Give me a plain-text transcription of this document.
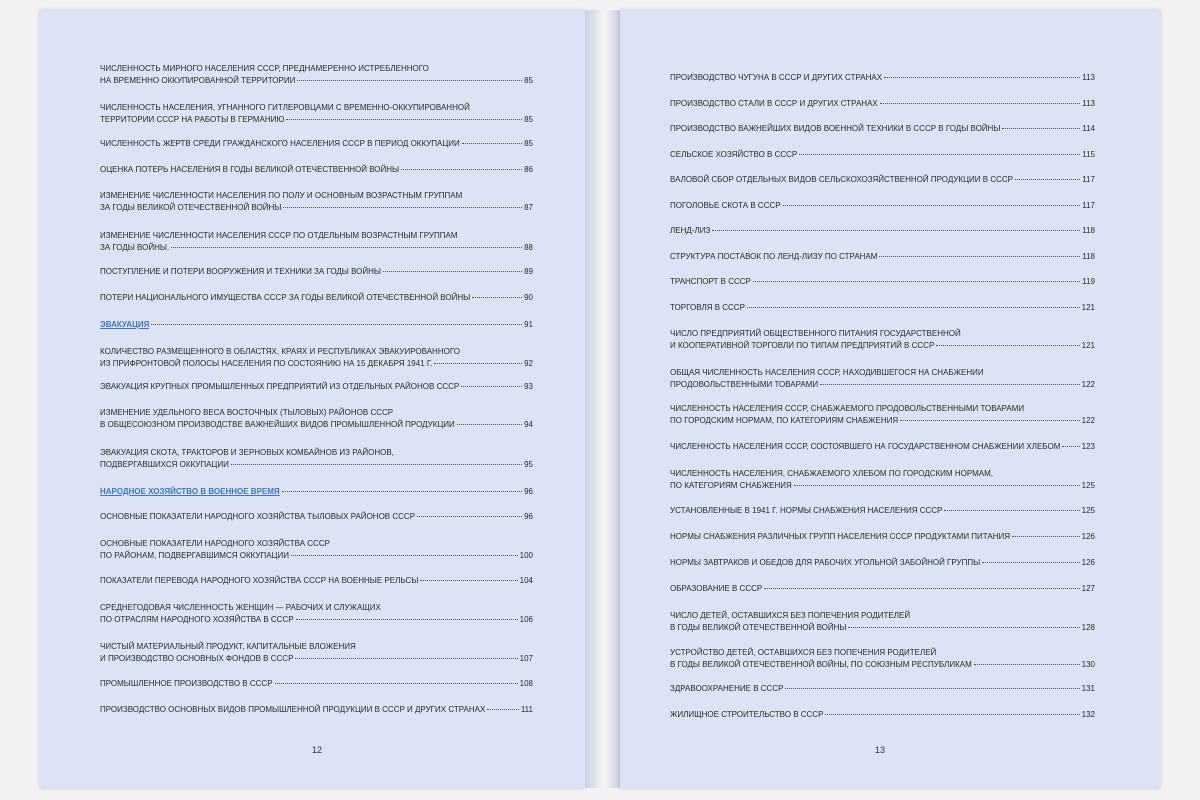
12
ЧИСЛЕННОСТЬ МИРНОГО НАСЕЛЕНИЯ СССР, ПРЕДНАМЕРЕННО ИСТРЕБЛЕННОГО
НА ВРЕМЕННО ОККУПИРОВАННОЙ ТЕРРИТОРИИ	85
ЧИСЛЕННОСТЬ НАСЕЛЕНИЯ, УГНАННОГО ГИТЛЕРОВЦАМИ С ВРЕМЕННО-ОККУПИРОВАННОЙ
ТЕРРИТОРИИ СССР НА РАБОТЫ В ГЕРМАНИЮ	85
ЧИСЛЕННОСТЬ ЖЕРТВ СРЕДИ ГРАЖДАНСКОГО НАСЕЛЕНИЯ СССР В ПЕРИОД ОККУПАЦИИ	85
ОЦЕНКА ПОТЕРЬ НАСЕЛЕНИЯ В ГОДЫ ВЕЛИКОЙ ОТЕЧЕСТВЕННОЙ ВОЙНЫ	86
ИЗМЕНЕНИЕ ЧИСЛЕННОСТИ НАСЕЛЕНИЯ ПО ПОЛУ И ОСНОВНЫМ ВОЗРАСТНЫМ ГРУППАМ
ЗА ГОДЫ ВЕЛИКОЙ ОТЕЧЕСТВЕННОЙ ВОЙНЫ	87
ИЗМЕНЕНИЕ ЧИСЛЕННОСТИ НАСЕЛЕНИЯ СССР ПО ОТДЕЛЬНЫМ ВОЗРАСТНЫМ ГРУППАМ
ЗА ГОДЫ ВОЙНЫ.	88
ПОСТУПЛЕНИЕ И ПОТЕРИ ВООРУЖЕНИЯ И ТЕХНИКИ ЗА ГОДЫ ВОЙНЫ	89
ПОТЕРИ НАЦИОНАЛЬНОГО ИМУЩЕСТВА СССР ЗА ГОДЫ ВЕЛИКОЙ ОТЕЧЕСТВЕННОЙ ВОЙНЫ	90
ЭВАКУАЦИЯ	91
КОЛИЧЕСТВО РАЗМЕЩЕННОГО В ОБЛАСТЯХ, КРАЯХ И РЕСПУБЛИКАХ ЭВАКУИРОВАННОГО
ИЗ ПРИФРОНТОВОЙ ПОЛОСЫ НАСЕЛЕНИЯ ПО СОСТОЯНИЮ НА 15 ДЕКАБРЯ 1941 Г.	92
ЭВАКУАЦИЯ КРУПНЫХ ПРОМЫШЛЕННЫХ ПРЕДПРИЯТИЙ ИЗ ОТДЕЛЬНЫХ РАЙОНОВ СССР	93
ИЗМЕНЕНИЕ УДЕЛЬНОГО ВЕСА ВОСТОЧНЫХ (ТЫЛОВЫХ) РАЙОНОВ СССР
В ОБЩЕСОЮЗНОМ ПРОИЗВОДСТВЕ ВАЖНЕЙШИХ ВИДОВ ПРОМЫШЛЕННОЙ ПРОДУКЦИИ	94
ЭВАКУАЦИЯ СКОТА, ТРАКТОРОВ И ЗЕРНОВЫХ КОМБАЙНОВ ИЗ РАЙОНОВ,
ПОДВЕРГАВШИХСЯ ОККУПАЦИИ	95
НАРОДНОЕ ХОЗЯЙСТВО В ВОЕННОЕ ВРЕМЯ	96
ОСНОВНЫЕ ПОКАЗАТЕЛИ НАРОДНОГО ХОЗЯЙСТВА ТЫЛОВЫХ РАЙОНОВ СССР	96
ОСНОВНЫЕ ПОКАЗАТЕЛИ НАРОДНОГО ХОЗЯЙСТВА СССР
ПО РАЙОНАМ, ПОДВЕРГАВШИМСЯ ОККУПАЦИИ	100
ПОКАЗАТЕЛИ ПЕРЕВОДА НАРОДНОГО ХОЗЯЙСТВА СССР НА ВОЕННЫЕ РЕЛЬСЫ	104
СРЕДНЕГОДОВАЯ ЧИСЛЕННОСТЬ ЖЕНЩИН — РАБОЧИХ И СЛУЖАЩИХ
ПО ОТРАСЛЯМ НАРОДНОГО ХОЗЯЙСТВА В СССР	106
ЧИСТЫЙ МАТЕРИАЛЬНЫЙ ПРОДУКТ, КАПИТАЛЬНЫЕ ВЛОЖЕНИЯ
И ПРОИЗВОДСТВО ОСНОВНЫХ ФОНДОВ В СССР	107
ПРОМЫШЛЕННОЕ ПРОИЗВОДСТВО В СССР	108
ПРОИЗВОДСТВО ОСНОВНЫХ ВИДОВ ПРОМЫШЛЕННОЙ ПРОДУКЦИИ В СССР И ДРУГИХ СТРАНАХ	111
13
ПРОИЗВОДСТВО ЧУГУНА В СССР И ДРУГИХ СТРАНАХ	113
ПРОИЗВОДСТВО СТАЛИ В СССР И ДРУГИХ СТРАНАХ	113
ПРОИЗВОДСТВО ВАЖНЕЙШИХ ВИДОВ ВОЕННОЙ ТЕХНИКИ В СССР В ГОДЫ ВОЙНЫ	114
СЕЛЬСКОЕ ХОЗЯЙСТВО В СССР	115
ВАЛОВОЙ СБОР ОТДЕЛЬНЫХ ВИДОВ СЕЛЬСКОХОЗЯЙСТВЕННОЙ ПРОДУКЦИИ В СССР	117
ПОГОЛОВЬЕ СКОТА В СССР	117
ЛЕНД-ЛИЗ	118
СТРУКТУРА ПОСТАВОК ПО ЛЕНД-ЛИЗУ ПО СТРАНАМ	118
ТРАНСПОРТ В СССР	119
ТОРГОВЛЯ В СССР	121
ЧИСЛО ПРЕДПРИЯТИЙ ОБЩЕСТВЕННОГО ПИТАНИЯ ГОСУДАРСТВЕННОЙ
И КООПЕРАТИВНОЙ ТОРГОВЛИ ПО ТИПАМ ПРЕДПРИЯТИЙ В СССР	121
ОБЩАЯ ЧИСЛЕННОСТЬ НАСЕЛЕНИЯ СССР, НАХОДИВШЕГОСЯ НА СНАБЖЕНИИ
ПРОДОВОЛЬСТВЕННЫМИ ТОВАРАМИ	122
ЧИСЛЕННОСТЬ НАСЕЛЕНИЯ СССР, СНАБЖАЕМОГО ПРОДОВОЛЬСТВЕННЫМИ ТОВАРАМИ
ПО ГОРОДСКИМ НОРМАМ, ПО КАТЕГОРИЯМ СНАБЖЕНИЯ	122
ЧИСЛЕННОСТЬ НАСЕЛЕНИЯ СССР, СОСТОЯВШЕГО НА ГОСУДАРСТВЕННОМ СНАБЖЕНИИ ХЛЕБОМ	123
ЧИСЛЕННОСТЬ НАСЕЛЕНИЯ, СНАБЖАЕМОГО ХЛЕБОМ ПО ГОРОДСКИМ НОРМАМ,
ПО КАТЕГОРИЯМ СНАБЖЕНИЯ	125
УСТАНОВЛЕННЫЕ В 1941 Г. НОРМЫ СНАБЖЕНИЯ НАСЕЛЕНИЯ СССР	125
НОРМЫ СНАБЖЕНИЯ РАЗЛИЧНЫХ ГРУПП НАСЕЛЕНИЯ СССР ПРОДУКТАМИ ПИТАНИЯ	126
НОРМЫ ЗАВТРАКОВ И ОБЕДОВ ДЛЯ РАБОЧИХ УГОЛЬНОЙ ЗАБОЙНОЙ ГРУППЫ	126
ОБРАЗОВАНИЕ В СССР	127
ЧИСЛО ДЕТЕЙ, ОСТАВШИХСЯ БЕЗ ПОПЕЧЕНИЯ РОДИТЕЛЕЙ
В ГОДЫ ВЕЛИКОЙ ОТЕЧЕСТВЕННОЙ ВОЙНЫ	128
УСТРОЙСТВО ДЕТЕЙ, ОСТАВШИХСЯ БЕЗ ПОПЕЧЕНИЯ РОДИТЕЛЕЙ
В ГОДЫ ВЕЛИКОЙ ОТЕЧЕСТВЕННОЙ ВОЙНЫ, ПО СОЮЗНЫМ РЕСПУБЛИКАМ	130
ЗДРАВООХРАНЕНИЕ В СССР	131
ЖИЛИЩНОЕ СТРОИТЕЛЬСТВО В СССР	132
